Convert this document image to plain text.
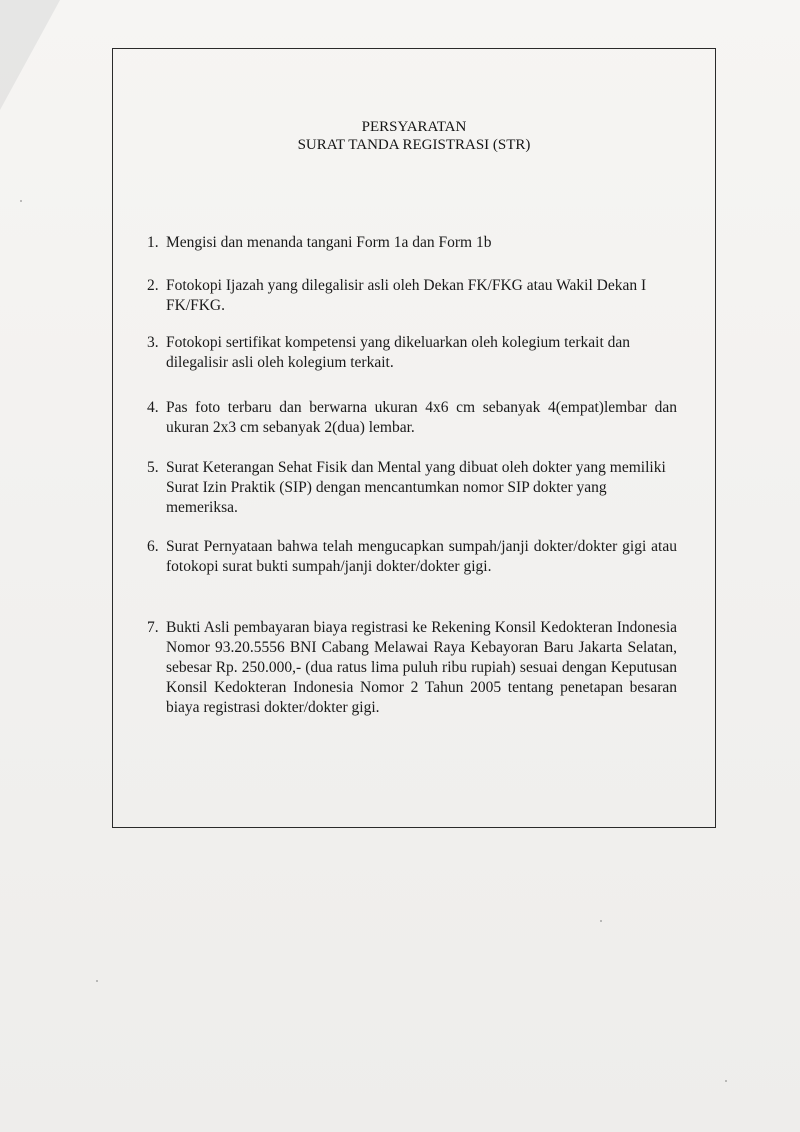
PERSYARATAN
SURAT TANDA REGISTRASI (STR)
1. Mengisi dan menanda tangani Form 1a dan Form 1b
2. Fotokopi Ijazah yang dilegalisir asli oleh Dekan FK/FKG atau Wakil Dekan I FK/FKG.
3. Fotokopi sertifikat kompetensi yang dikeluarkan oleh kolegium terkait dan dilegalisir asli oleh kolegium terkait.
4. Pas foto terbaru dan berwarna ukuran 4x6 cm sebanyak 4(empat)lembar dan ukuran 2x3 cm sebanyak 2(dua) lembar.
5. Surat Keterangan Sehat Fisik dan Mental yang dibuat oleh dokter yang memiliki Surat Izin Praktik (SIP) dengan mencantumkan nomor SIP dokter yang memeriksa.
6. Surat Pernyataan bahwa telah mengucapkan sumpah/janji dokter/dokter gigi atau fotokopi surat bukti sumpah/janji dokter/dokter gigi.
7. Bukti Asli pembayaran biaya registrasi ke Rekening Konsil Kedokteran Indonesia Nomor 93.20.5556 BNI Cabang Melawai Raya Kebayoran Baru Jakarta Selatan, sebesar Rp. 250.000,- (dua ratus lima puluh ribu rupiah) sesuai dengan Keputusan Konsil Kedokteran Indonesia Nomor 2 Tahun 2005 tentang penetapan besaran biaya registrasi dokter/dokter gigi.
